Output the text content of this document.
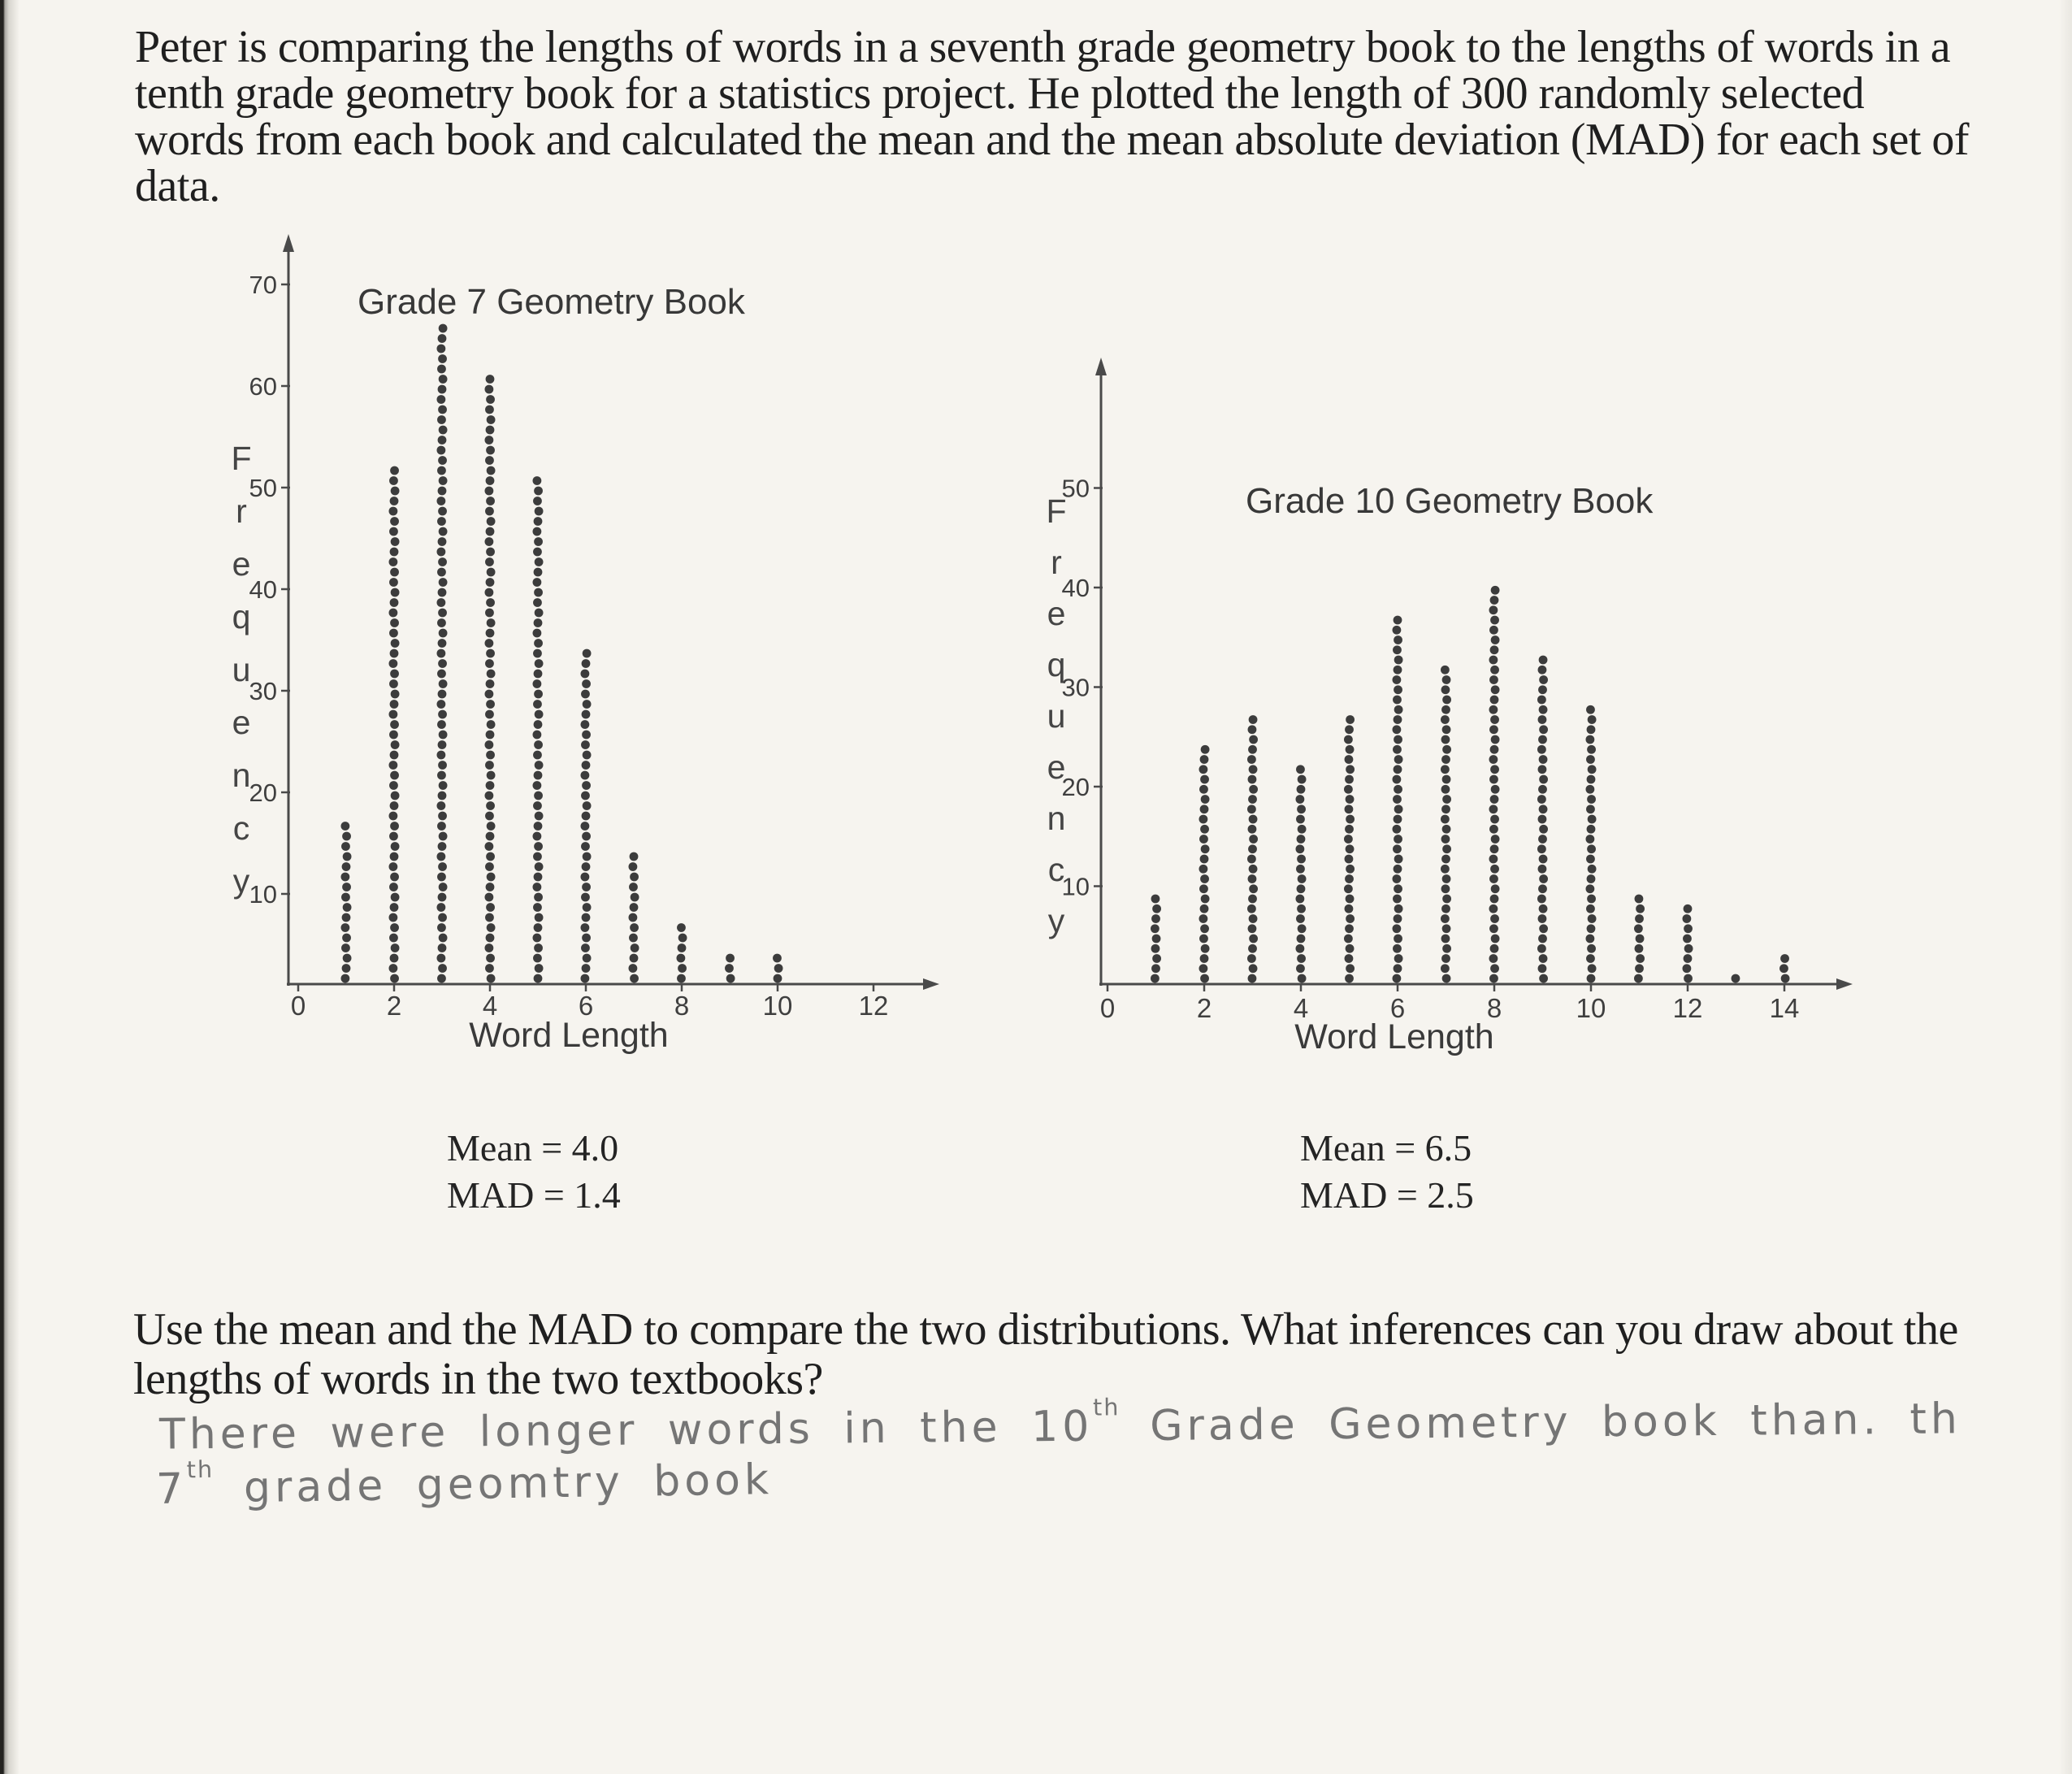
Peter is comparing the lengths of words in a seventh grade geometry book to the lengths of words in a
tenth grade geometry book for a statistics project. He plotted the length of 300 randomly selected
words from each book and calculated the mean and the mean absolute deviation (MAD) for each set of
data.
10
20
30
40
50
60
70
0	2	4	6	8	10 12
Grade 7 Geometry Book
F
r
e
q
u
e
n
c
y
Word Length
10
20
30
40
50
0	2	4	6	8	10 12 14
Grade 10 Geometry Book
F
r
e
q
u
e
n
c
y
Word Length
Mean = 4.0
MAD = 1.4
Mean = 6.5
MAD = 2.5
Use the mean and the MAD to compare the two distributions. What inferences can you draw about the
lengths of words in the two textbooks?
There were longer words in the 10th Grade Geometry book than. th
7th grade geomtry book
